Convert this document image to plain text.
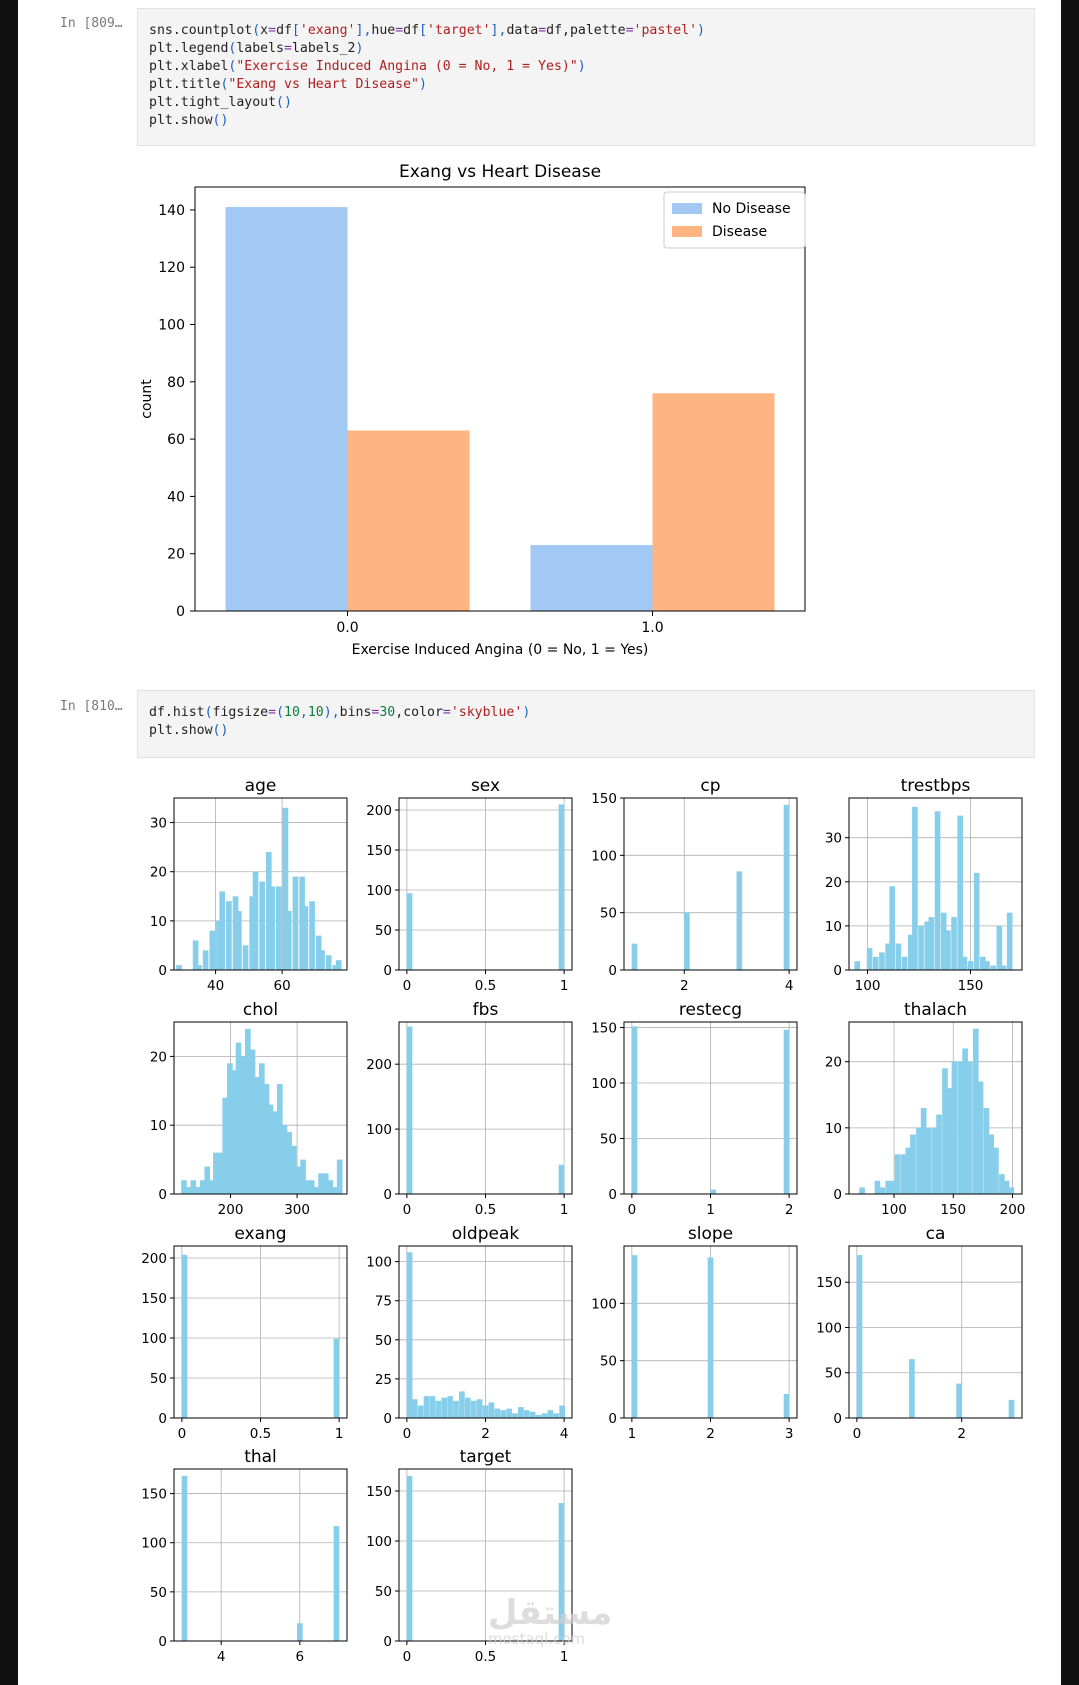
In [809… sns.countplot(x=df['exang'],hue=df['target'],data=df,palette='pastel')
plt.legend(labels=labels_2)
plt.xlabel("Exercise Induced Angina (0 = No, 1 = Yes)")
plt.title("Exang vs Heart Disease")
plt.tight_layout()
plt.show()
Exang vs Heart Disease
0
20
40
60
80
100
120
140
0.0	1.0
Exercise Induced Angina (0 = No, 1 = Yes)
count
No Disease
Disease
In [810… df.hist(figsize=(10,10),bins=30,color='skyblue')
plt.show()
age
0
10
20
30
40	60
sex
0
50
100
150
200
0	0.5	1
cp
0
50
100
150
2	4
trestbps
0
10
20
30
100	150
chol
0
10
20
200	300
fbs
0
100
200
0	0.5	1
restecg
0
50
100
150
0	1	2
thalach
0
10
20
100 150 200
exang
0
50
100
150
200
0	0.5	1
oldpeak
0
25
50
75
100
0	2	4
slope
0
50
100
1	2	3
ca
0
50
100
150
0	2
thal
0
50
100
150
4	6
target
0
50
100
150
0	0.5	1
مستقل
mostaql.com
